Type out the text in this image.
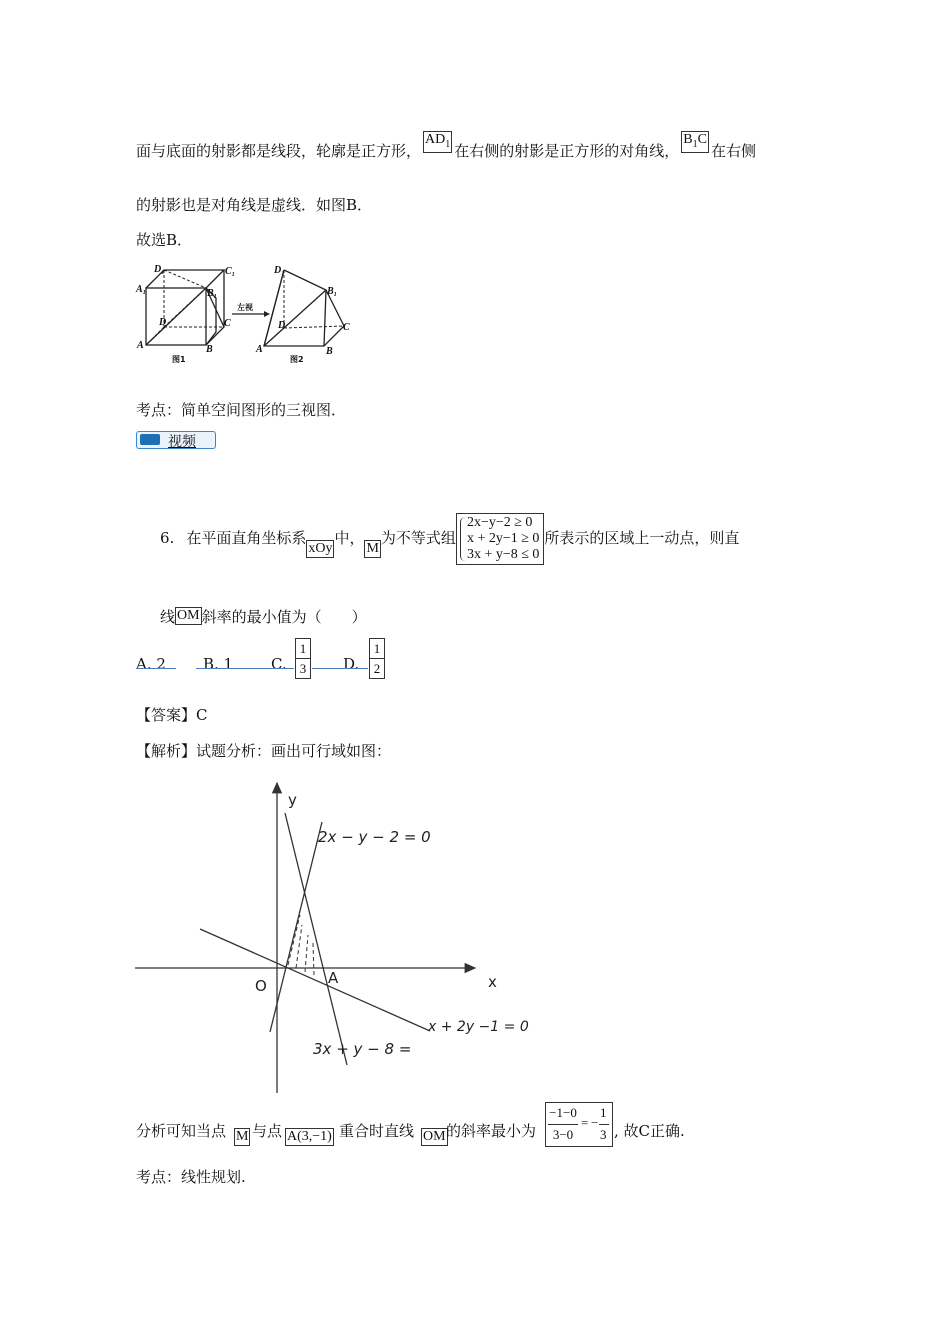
面与底面的射影都是线段，轮廓是正方形，$AD_1$ 在右侧的射影是正方形的对角线，$B_1C$在右侧
的射影也是对角线是虚线．如图B．
故选B．
D₁	C₁
A₁	B₁
D	C
A	B
D₁
B₁
D	C
A	B
图1	图2
左视
考点：简单空间图形的三视图．
视频
6. 在平面直角坐标系xOy中，M为不等式组
2x−y−2 ≥ 0
x + 2y−1 ≥ 0
3x + y−8 ≤ 0
所表示的区域上一动点，则直
线 OM 斜率的最小值为（　　）
A. 2 B. 1	C. $\frac{1}{3} D$. $\frac{1}{2}$
【答案】C
【解析】试题分析：画出可行域如图：
y
x
O	A
2x − y − 2 = 0
x + 2y −1 = 0
3x + y − 8 =
分析可知当点 M 与点 A(3,−1) 重合时直线 OM 的斜率最小为
−1−0
3−0
= −
1
3 , 故C正确.
考点：线性规划.
